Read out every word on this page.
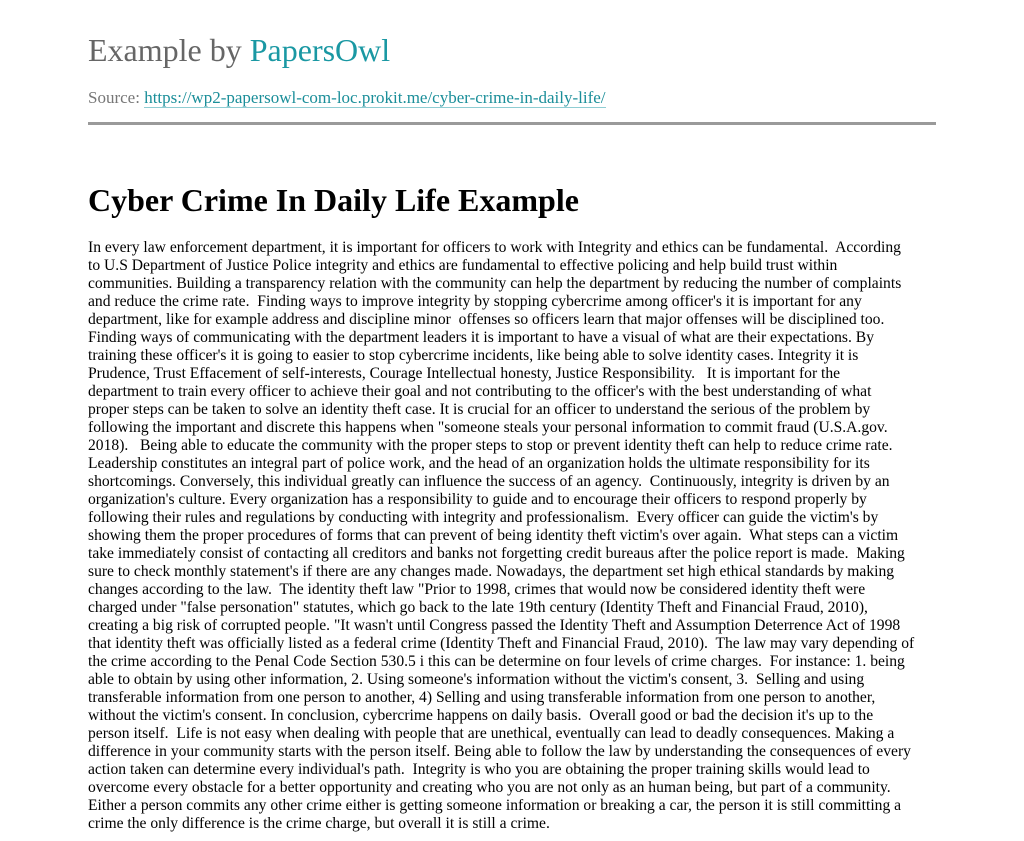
Example by PapersOwl
Source: https://wp2-papersowl-com-loc.prokit.me/cyber-crime-in-daily-life/
Cyber Crime In Daily Life Example
In every law enforcement department, it is important for officers to work with Integrity and ethics can be fundamental.  According
to U.S Department of Justice Police integrity and ethics are fundamental to effective policing and help build trust within
communities. Building a transparency relation with the community can help the department by reducing the number of complaints
and reduce the crime rate.  Finding ways to improve integrity by stopping cybercrime among officer's it is important for any
department, like for example address and discipline minor  offenses so officers learn that major offenses will be disciplined too.
Finding ways of communicating with the department leaders it is important to have a visual of what are their expectations. By
training these officer's it is going to easier to stop cybercrime incidents, like being able to solve identity cases. Integrity it is
Prudence, Trust Effacement of self-interests, Courage Intellectual honesty, Justice Responsibility.   It is important for the
department to train every officer to achieve their goal and not contributing to the officer's with the best understanding of what
proper steps can be taken to solve an identity theft case. It is crucial for an officer to understand the serious of the problem by
following the important and discrete this happens when "someone steals your personal information to commit fraud (U.S.A.gov.
2018).   Being able to educate the community with the proper steps to stop or prevent identity theft can help to reduce crime rate.
Leadership constitutes an integral part of police work, and the head of an organization holds the ultimate responsibility for its
shortcomings. Conversely, this individual greatly can influence the success of an agency.  Continuously, integrity is driven by an
organization's culture. Every organization has a responsibility to guide and to encourage their officers to respond properly by
following their rules and regulations by conducting with integrity and professionalism.  Every officer can guide the victim's by
showing them the proper procedures of forms that can prevent of being identity theft victim's over again.  What steps can a victim
take immediately consist of contacting all creditors and banks not forgetting credit bureaus after the police report is made.  Making
sure to check monthly statement's if there are any changes made. Nowadays, the department set high ethical standards by making
changes according to the law.  The identity theft law "Prior to 1998, crimes that would now be considered identity theft were
charged under "false personation" statutes, which go back to the late 19th century (Identity Theft and Financial Fraud, 2010),
creating a big risk of corrupted people. "It wasn't until Congress passed the Identity Theft and Assumption Deterrence Act of 1998
that identity theft was officially listed as a federal crime (Identity Theft and Financial Fraud, 2010).  The law may vary depending of
the crime according to the Penal Code Section 530.5 i this can be determine on four levels of crime charges.  For instance: 1. being
able to obtain by using other information, 2. Using someone's information without the victim's consent, 3.  Selling and using
transferable information from one person to another, 4) Selling and using transferable information from one person to another,
without the victim's consent. In conclusion, cybercrime happens on daily basis.  Overall good or bad the decision it's up to the
person itself.  Life is not easy when dealing with people that are unethical, eventually can lead to deadly consequences. Making a
difference in your community starts with the person itself. Being able to follow the law by understanding the consequences of every
action taken can determine every individual's path.  Integrity is who you are obtaining the proper training skills would lead to
overcome every obstacle for a better opportunity and creating who you are not only as an human being, but part of a community.
Either a person commits any other crime either is getting someone information or breaking a car, the person it is still committing a
crime the only difference is the crime charge, but overall it is still a crime.
